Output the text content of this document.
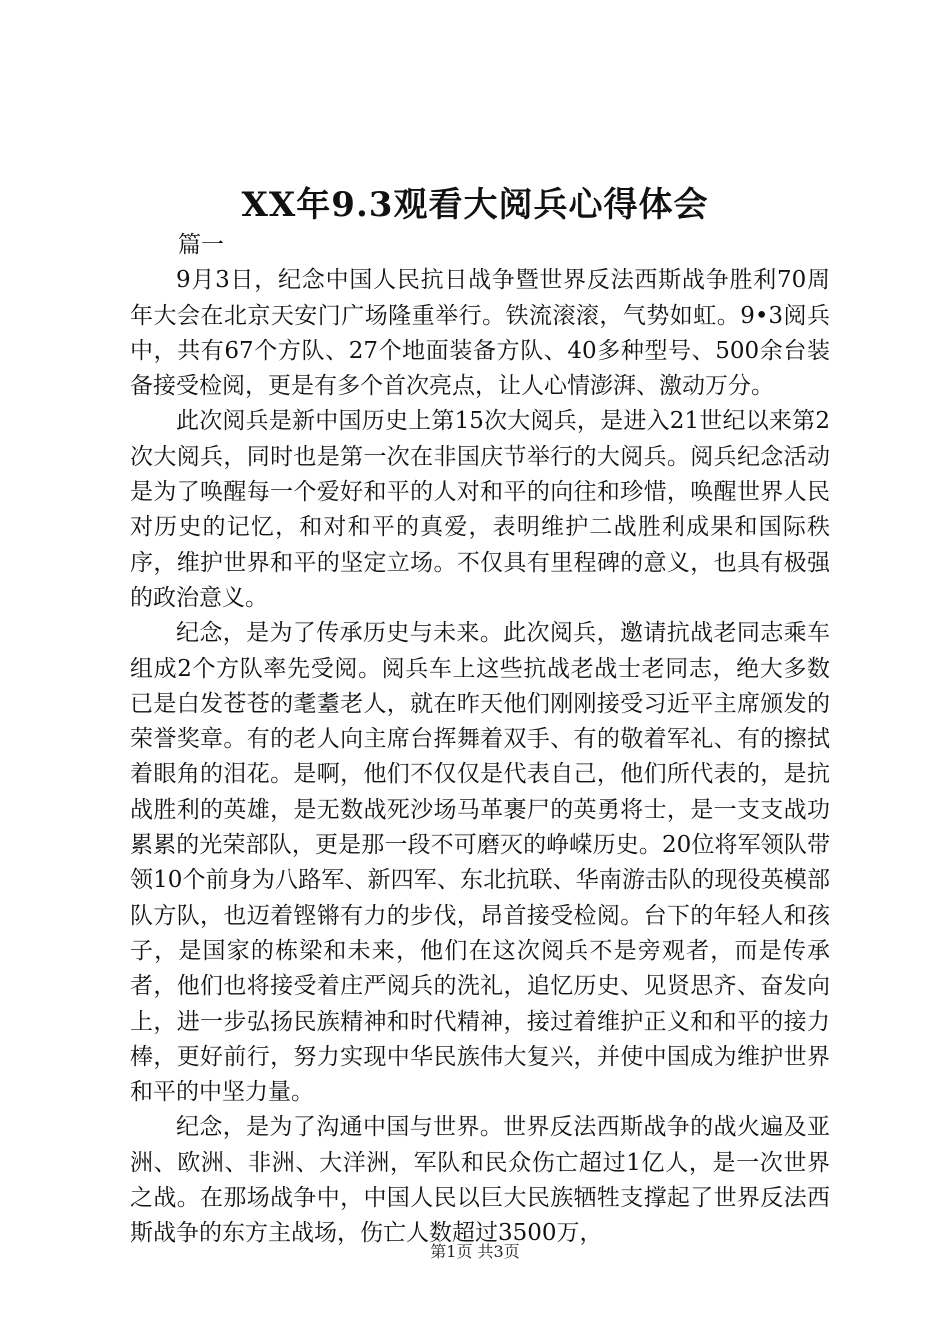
XX年9.3观看大阅兵心得体会

篇一

9月3日，纪念中国人民抗日战争暨世界反法西斯战争胜利70周年大会在北京天安门广场隆重举行。铁流滚滚，气势如虹。9•3阅兵中，共有67个方队、27个地面装备方队、40多种型号、500余台装备接受检阅，更是有多个首次亮点，让人心情澎湃、激动万分。

此次阅兵是新中国历史上第15次大阅兵，是进入21世纪以来第2次大阅兵，同时也是第一次在非国庆节举行的大阅兵。阅兵纪念活动是为了唤醒每一个爱好和平的人对和平的向往和珍惜，唤醒世界人民对历史的记忆，和对和平的真爱，表明维护二战胜利成果和国际秩序，维护世界和平的坚定立场。不仅具有里程碑的意义，也具有极强的政治意义。

纪念，是为了传承历史与未来。此次阅兵，邀请抗战老同志乘车组成2个方队率先受阅。阅兵车上这些抗战老战士老同志，绝大多数已是白发苍苍的耄耋老人，就在昨天他们刚刚接受习近平主席颁发的荣誉奖章。有的老人向主席台挥舞着双手、有的敬着军礼、有的擦拭着眼角的泪花。是啊，他们不仅仅是代表自己，他们所代表的，是抗战胜利的英雄，是无数战死沙场马革裹尸的英勇将士，是一支支战功累累的光荣部队，更是那一段不可磨灭的峥嵘历史。20位将军领队带领10个前身为八路军、新四军、东北抗联、华南游击队的现役英模部队方队，也迈着铿锵有力的步伐，昂首接受检阅。台下的年轻人和孩子，是国家的栋梁和未来，他们在这次阅兵不是旁观者，而是传承者，他们也将接受着庄严阅兵的洗礼，追忆历史、见贤思齐、奋发向上，进一步弘扬民族精神和时代精神，接过着维护正义和和平的接力棒，更好前行，努力实现中华民族伟大复兴，并使中国成为维护世界和平的中坚力量。

纪念，是为了沟通中国与世界。世界反法西斯战争的战火遍及亚洲、欧洲、非洲、大洋洲，军队和民众伤亡超过1亿人，是一次世界之战。在那场战争中，中国人民以巨大民族牺牲支撑起了世界反法西斯战争的东方主战场，伤亡人数超过3500万，

第1页 共3页
